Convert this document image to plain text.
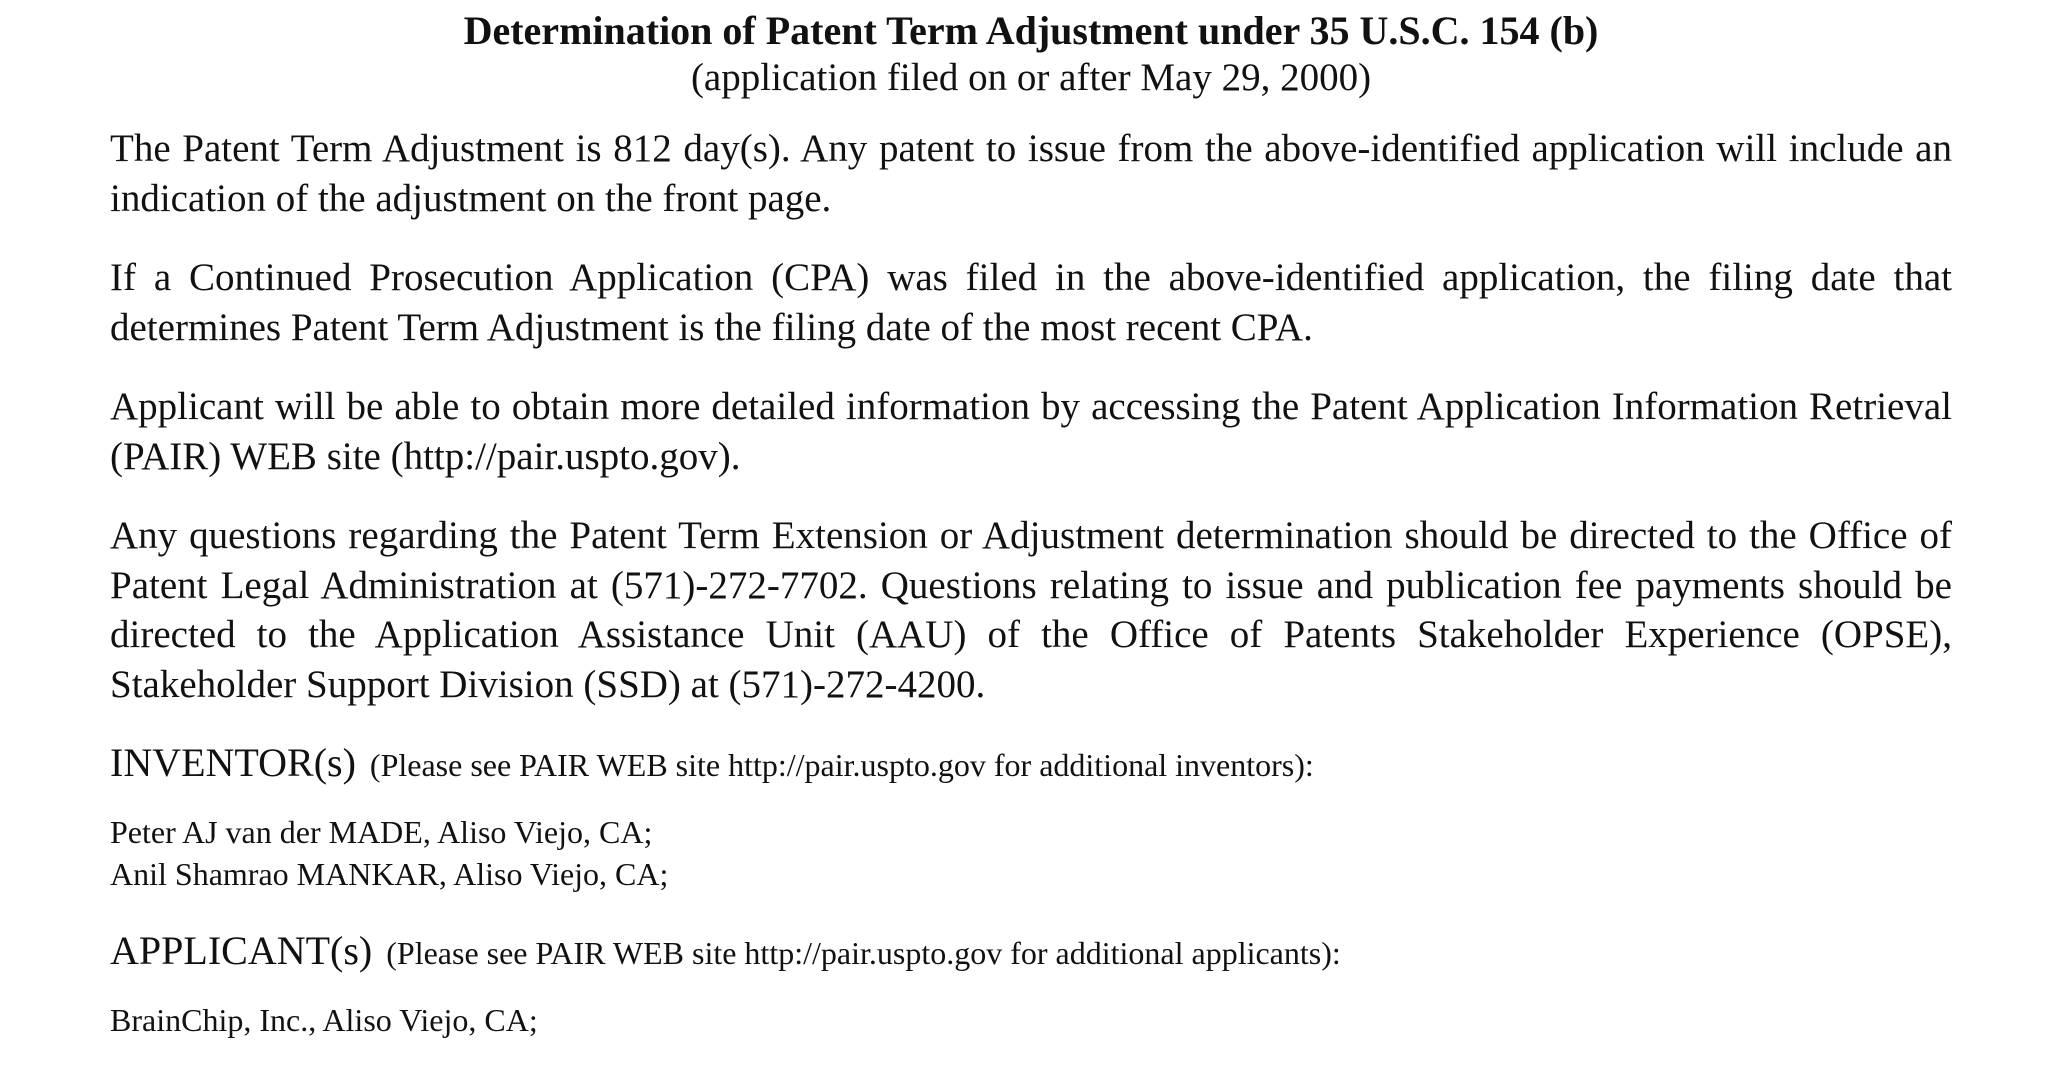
Determination of Patent Term Adjustment under 35 U.S.C. 154 (b)

(application filed on or after May 29, 2000)

The Patent Term Adjustment is 812 day(s). Any patent to issue from the above-identified application will include an indication of the adjustment on the front page.

If a Continued Prosecution Application (CPA) was filed in the above-identified application, the filing date that determines Patent Term Adjustment is the filing date of the most recent CPA.

Applicant will be able to obtain more detailed information by accessing the Patent Application Information Retrieval (PAIR) WEB site (http://pair.uspto.gov).

Any questions regarding the Patent Term Extension or Adjustment determination should be directed to the Office of Patent Legal Administration at (571)-272-7702. Questions relating to issue and publication fee payments should be directed to the Application Assistance Unit (AAU) of the Office of Patents Stakeholder Experience (OPSE), Stakeholder Support Division (SSD) at (571)-272-4200.

INVENTOR(s) (Please see PAIR WEB site http://pair.uspto.gov for additional inventors):
Peter AJ van der MADE, Aliso Viejo, CA;
Anil Shamrao MANKAR, Aliso Viejo, CA;
APPLICANT(s) (Please see PAIR WEB site http://pair.uspto.gov for additional applicants):
BrainChip, Inc., Aliso Viejo, CA;
